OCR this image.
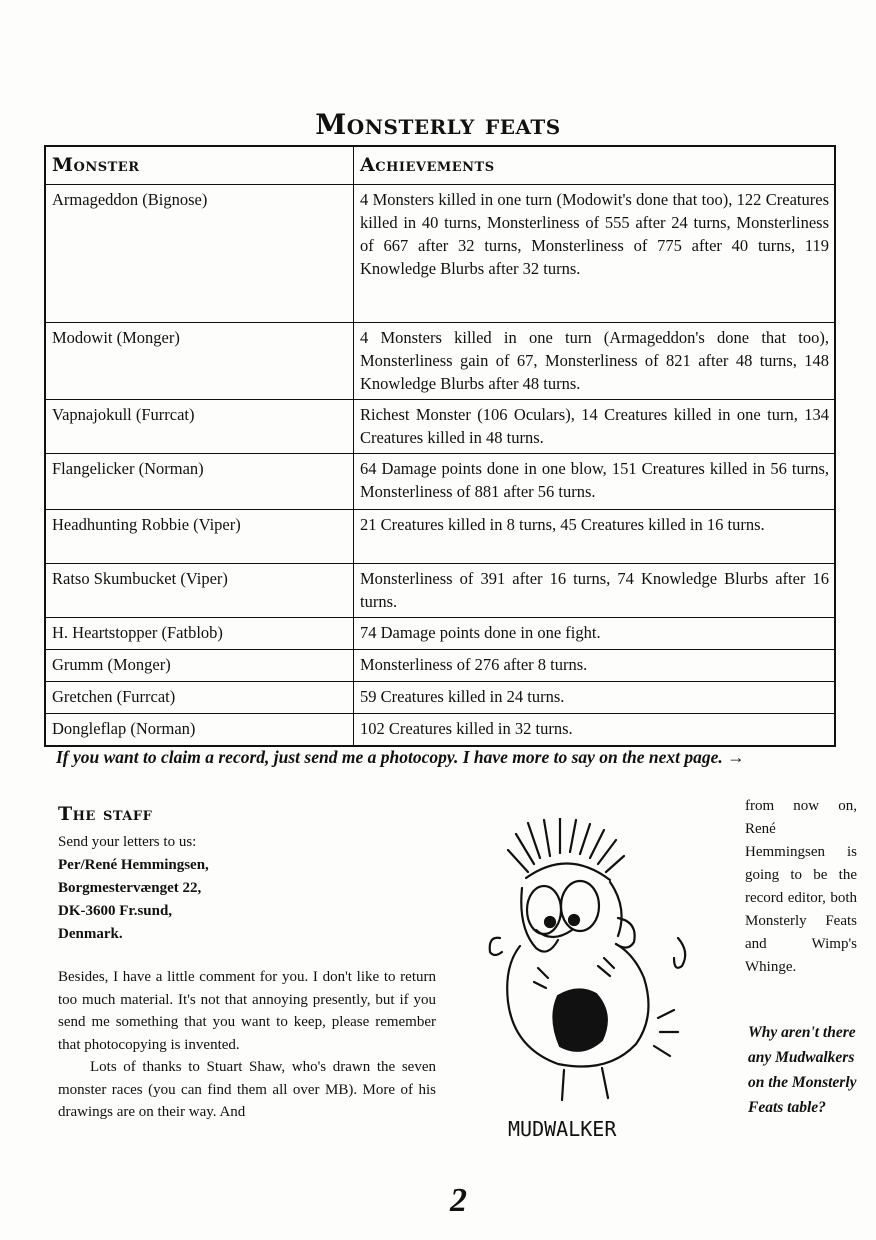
Monsterly feats
Monster	Achievements
Armageddon (Bignose)	4 Monsters killed in one turn (Modowit's done that too), 122 Creatures killed in 40 turns, Monsterliness of 555 after 24 turns, Monsterliness of 667 after 32 turns, Monsterliness of 775 after 40 turns, 119 Knowledge Blurbs after 32 turns.
Modowit (Monger)	4 Monsters killed in one turn (Armageddon's done that too), Monsterliness gain of 67, Monsterliness of 821 after 48 turns, 148 Knowledge Blurbs after 48 turns.
Vapnajokull (Furrcat)	Richest Monster (106 Oculars), 14 Creatures killed in one turn, 134 Creatures killed in 48 turns.
Flangelicker (Norman)	64 Damage points done in one blow, 151 Creatures killed in 56 turns, Monsterliness of 881 after 56 turns.
Headhunting Robbie (Viper)	21 Creatures killed in 8 turns, 45 Creatures killed in 16 turns.
Ratso Skumbucket (Viper)	Monsterliness of 391 after 16 turns, 74 Knowledge Blurbs after 16 turns.
H. Heartstopper (Fatblob)	74 Damage points done in one fight.
Grumm (Monger)	Monsterliness of 276 after 8 turns.
Gretchen (Furrcat)	59 Creatures killed in 24 turns.
Dongleflap (Norman)	102 Creatures killed in 32 turns.
If you want to claim a record, just send me a photocopy. I have more to say on the next page. →
The staff
Send your letters to us:
Per/René Hemmingsen,
Borgmestervænget 22,
DK-3600 Fr.sund,
Denmark.

Besides, I have a little comment for you. I don't like to return too much material. It's not that annoying presently, but if you send me something that you want to keep, please remember that photocopying is invented.

Lots of thanks to Stuart Shaw, who's drawn the seven monster races (you can find them all over MB). More of his drawings are on their way. And

MUDWALKER
from now on, René Hemmingsen is going to be the record editor, both Monsterly Feats and Wimp's Whinge.
Why aren't there any Mudwalkers on the Monsterly Feats table?
2
